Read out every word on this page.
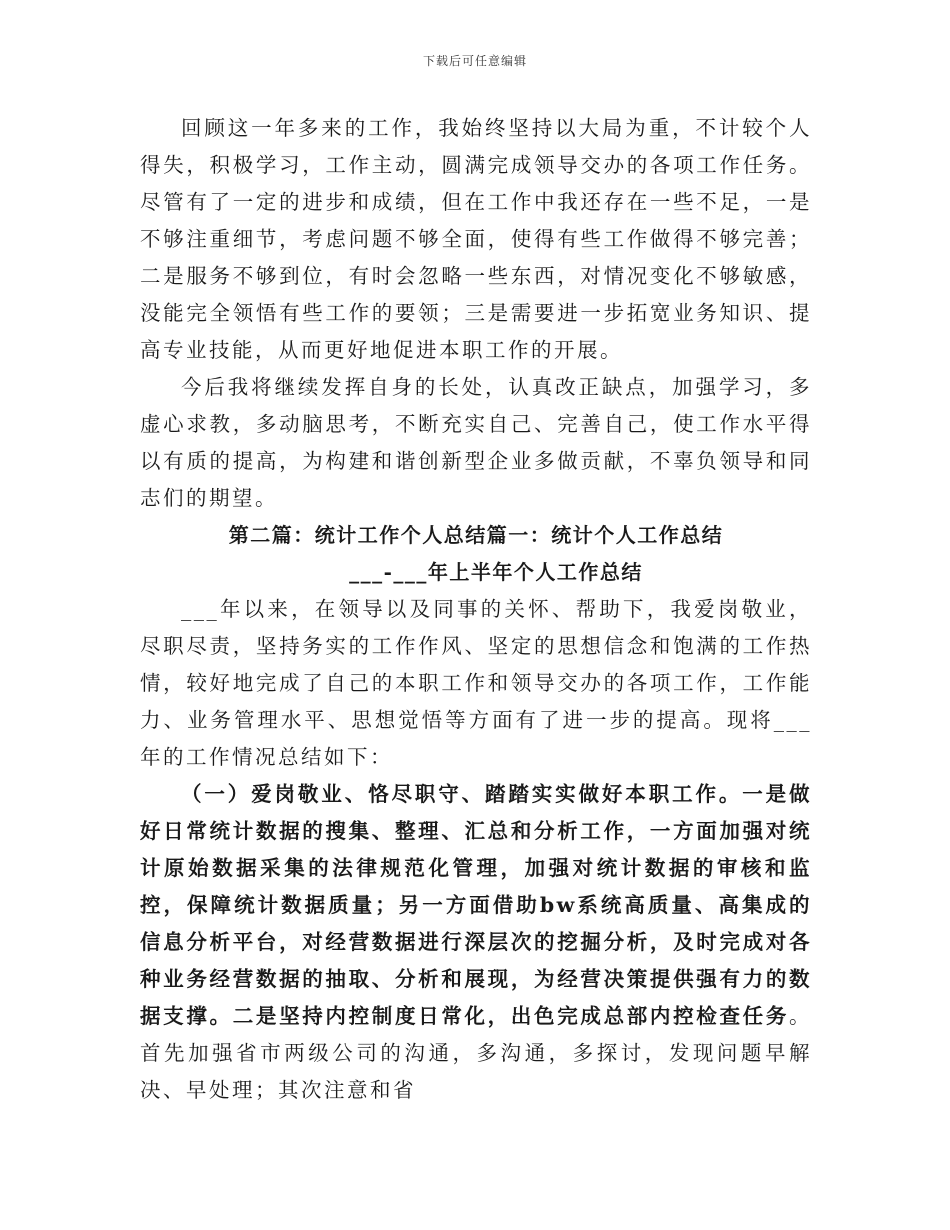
下载后可任意编辑

回顾这一年多来的工作，我始终坚持以大局为重，不计较个人得失，积极学习，工作主动，圆满完成领导交办的各项工作任务。尽管有了一定的进步和成绩，但在工作中我还存在一些不足，一是不够注重细节，考虑问题不够全面，使得有些工作做得不够完善；二是服务不够到位，有时会忽略一些东西，对情况变化不够敏感，没能完全领悟有些工作的要领；三是需要进一步拓宽业务知识、提高专业技能，从而更好地促进本职工作的开展。

今后我将继续发挥自身的长处，认真改正缺点，加强学习，多虚心求教，多动脑思考，不断充实自己、完善自己，使工作水平得以有质的提高，为构建和谐创新型企业多做贡献，不辜负领导和同志们的期望。

第二篇：统计工作个人总结篇一：统计个人工作总结

___-___年上半年个人工作总结

___年以来，在领导以及同事的关怀、帮助下，我爱岗敬业，尽职尽责，坚持务实的工作作风、坚定的思想信念和饱满的工作热情，较好地完成了自己的本职工作和领导交办的各项工作，工作能力、业务管理水平、思想觉悟等方面有了进一步的提高。现将___年的工作情况总结如下：

（一）爱岗敬业、恪尽职守、踏踏实实做好本职工作。一是做好日常统计数据的搜集、整理、汇总和分析工作，一方面加强对统计原始数据采集的法律规范化管理，加强对统计数据的审核和监控，保障统计数据质量；另一方面借助bw系统高质量、高集成的信息分析平台，对经营数据进行深层次的挖掘分析，及时完成对各种业务经营数据的抽取、分析和展现，为经营决策提供强有力的数据支撑。二是坚持内控制度日常化，出色完成总部内控检查任务。首先加强省市两级公司的沟通，多沟通，多探讨，发现问题早解决、早处理；其次注意和省
